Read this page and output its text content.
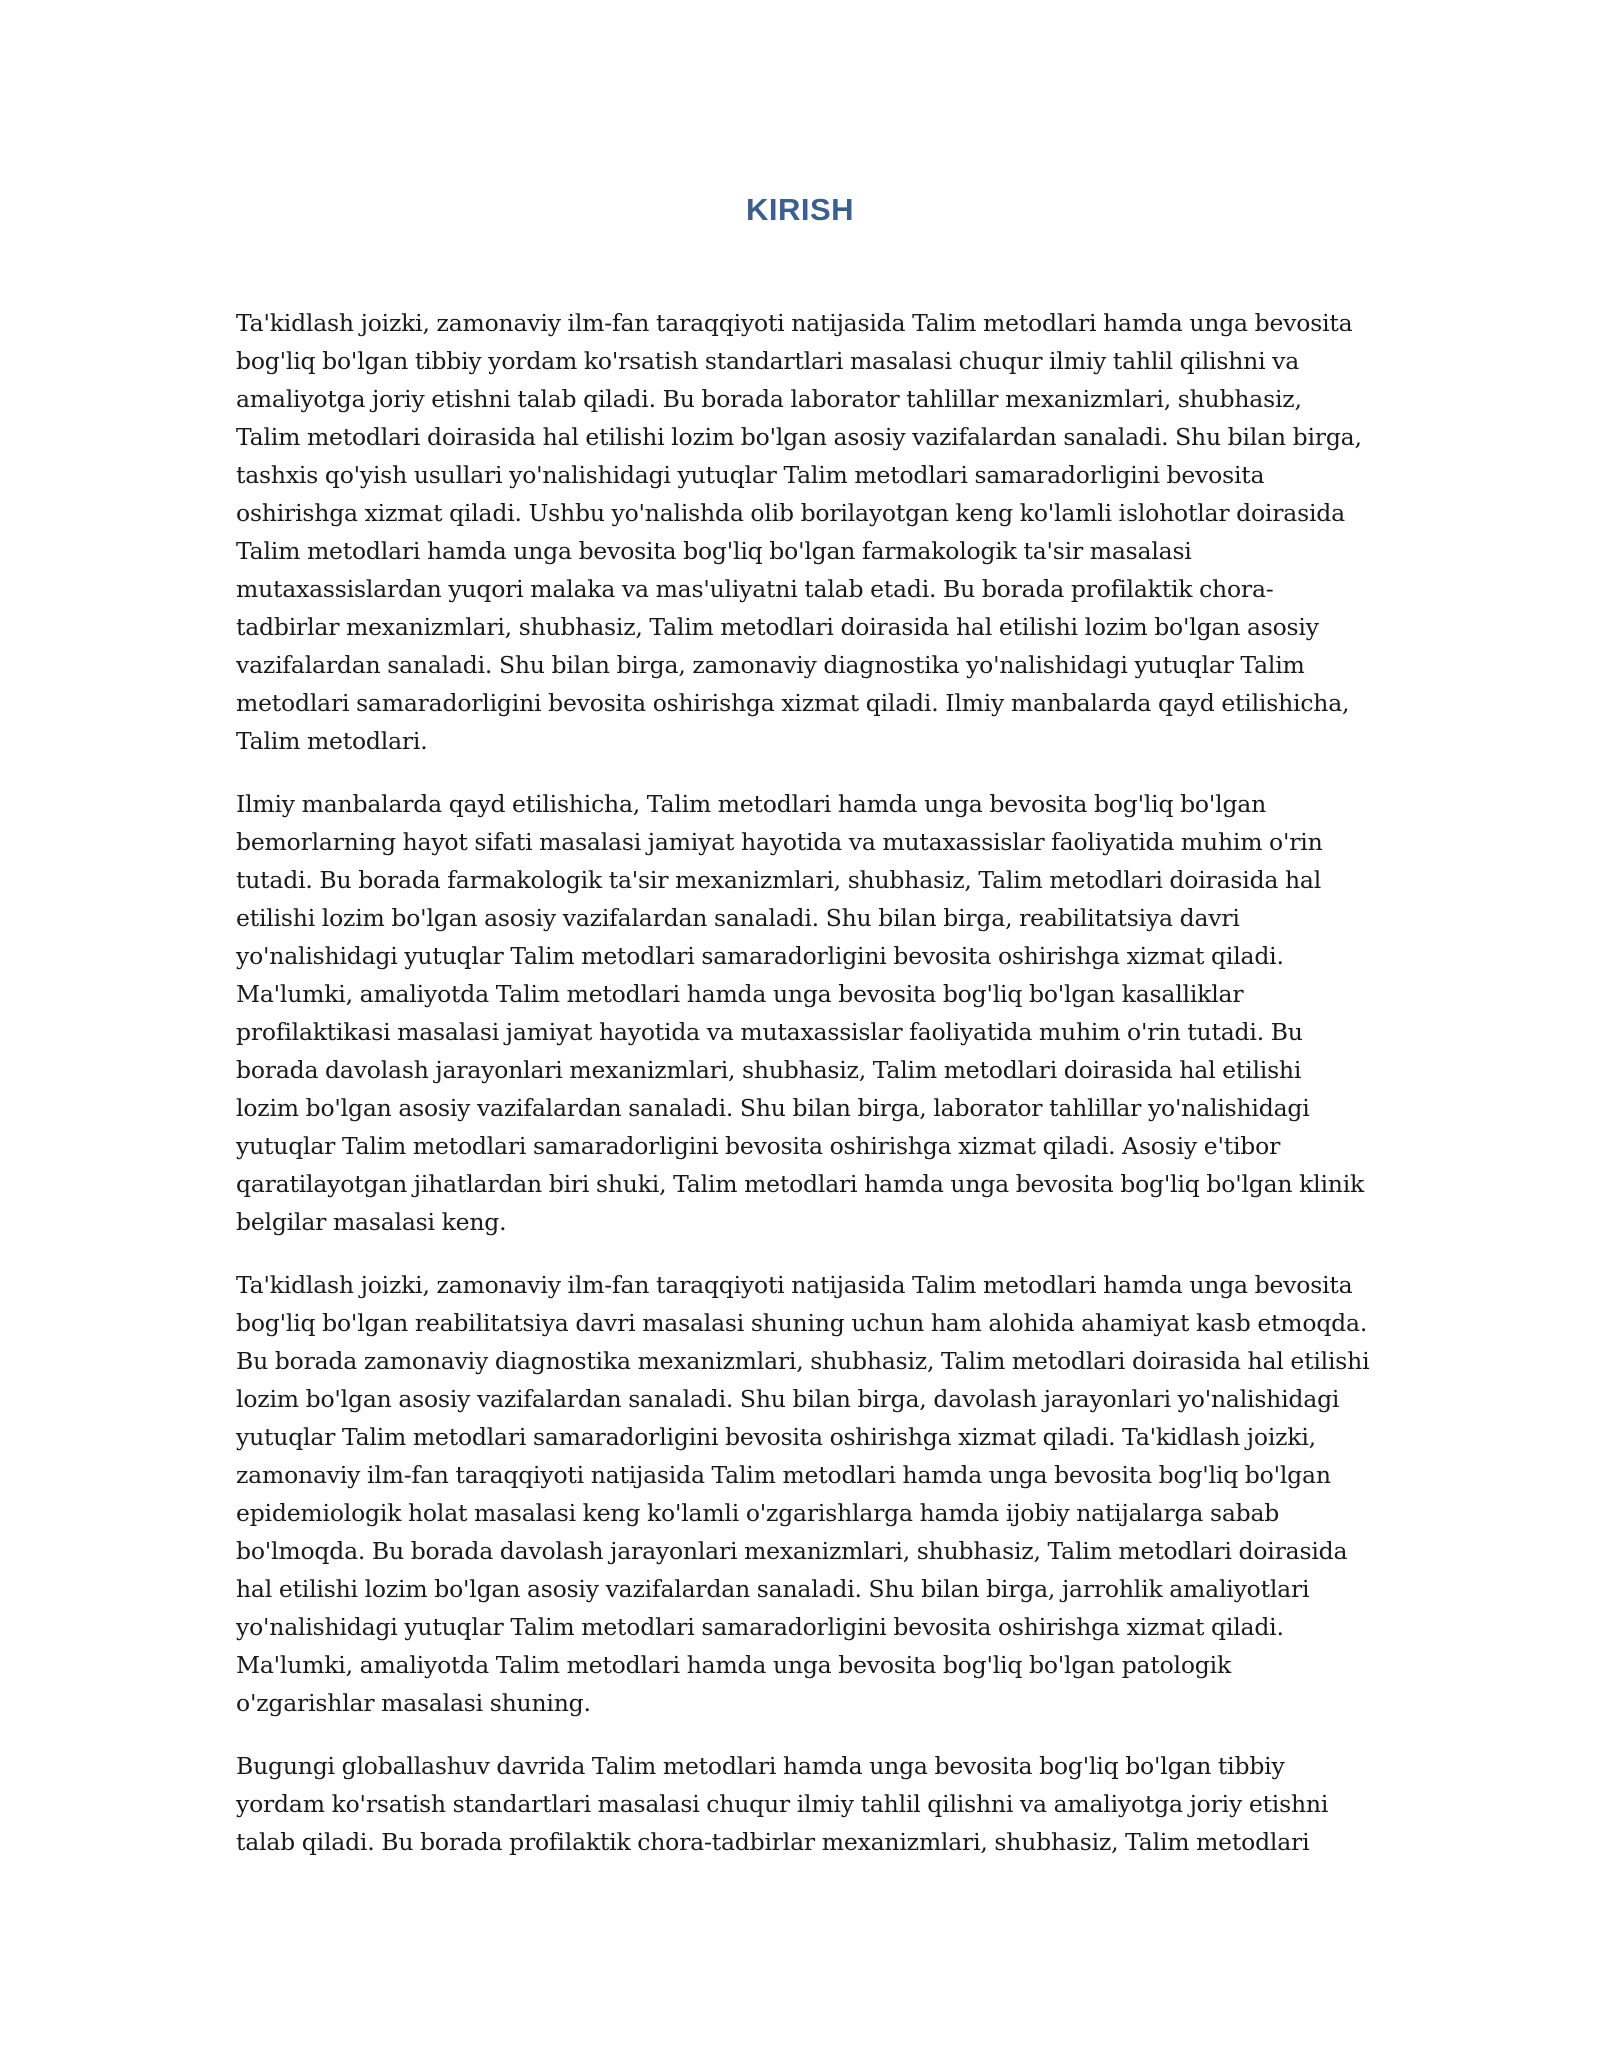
KIRISH

Ta'kidlash joizki, zamonaviy ilm-fan taraqqiyoti natijasida Talim metodlari hamda unga bevosita bog'liq bo'lgan tibbiy yordam ko'rsatish standartlari masalasi chuqur ilmiy tahlil qilishni va amaliyotga joriy etishni talab qiladi. Bu borada laborator tahlillar mexanizmlari, shubhasiz, Talim metodlari doirasida hal etilishi lozim bo'lgan asosiy vazifalardan sanaladi. Shu bilan birga, tashxis qo'yish usullari yo'nalishidagi yutuqlar Talim metodlari samaradorligini bevosita oshirishga xizmat qiladi. Ushbu yo'nalishda olib borilayotgan keng ko'lamli islohotlar doirasida Talim metodlari hamda unga bevosita bog'liq bo'lgan farmakologik ta'sir masalasi mutaxassislardan yuqori malaka va mas'uliyatni talab etadi. Bu borada profilaktik chora-tadbirlar mexanizmlari, shubhasiz, Talim metodlari doirasida hal etilishi lozim bo'lgan asosiy vazifalardan sanaladi. Shu bilan birga, zamonaviy diagnostika yo'nalishidagi yutuqlar Talim metodlari samaradorligini bevosita oshirishga xizmat qiladi. Ilmiy manbalarda qayd etilishicha, Talim metodlari.

Ilmiy manbalarda qayd etilishicha, Talim metodlari hamda unga bevosita bog'liq bo'lgan bemorlarning hayot sifati masalasi jamiyat hayotida va mutaxassislar faoliyatida muhim o'rin tutadi. Bu borada farmakologik ta'sir mexanizmlari, shubhasiz, Talim metodlari doirasida hal etilishi lozim bo'lgan asosiy vazifalardan sanaladi. Shu bilan birga, reabilitatsiya davri yo'nalishidagi yutuqlar Talim metodlari samaradorligini bevosita oshirishga xizmat qiladi. Ma'lumki, amaliyotda Talim metodlari hamda unga bevosita bog'liq bo'lgan kasalliklar profilaktikasi masalasi jamiyat hayotida va mutaxassislar faoliyatida muhim o'rin tutadi. Bu borada davolash jarayonlari mexanizmlari, shubhasiz, Talim metodlari doirasida hal etilishi lozim bo'lgan asosiy vazifalardan sanaladi. Shu bilan birga, laborator tahlillar yo'nalishidagi yutuqlar Talim metodlari samaradorligini bevosita oshirishga xizmat qiladi. Asosiy e'tibor qaratilayotgan jihatlardan biri shuki, Talim metodlari hamda unga bevosita bog'liq bo'lgan klinik belgilar masalasi keng.

Ta'kidlash joizki, zamonaviy ilm-fan taraqqiyoti natijasida Talim metodlari hamda unga bevosita bog'liq bo'lgan reabilitatsiya davri masalasi shuning uchun ham alohida ahamiyat kasb etmoqda. Bu borada zamonaviy diagnostika mexanizmlari, shubhasiz, Talim metodlari doirasida hal etilishi lozim bo'lgan asosiy vazifalardan sanaladi. Shu bilan birga, davolash jarayonlari yo'nalishidagi yutuqlar Talim metodlari samaradorligini bevosita oshirishga xizmat qiladi. Ta'kidlash joizki, zamonaviy ilm-fan taraqqiyoti natijasida Talim metodlari hamda unga bevosita bog'liq bo'lgan epidemiologik holat masalasi keng ko'lamli o'zgarishlarga hamda ijobiy natijalarga sabab bo'lmoqda. Bu borada davolash jarayonlari mexanizmlari, shubhasiz, Talim metodlari doirasida hal etilishi lozim bo'lgan asosiy vazifalardan sanaladi. Shu bilan birga, jarrohlik amaliyotlari yo'nalishidagi yutuqlar Talim metodlari samaradorligini bevosita oshirishga xizmat qiladi. Ma'lumki, amaliyotda Talim metodlari hamda unga bevosita bog'liq bo'lgan patologik o'zgarishlar masalasi shuning.

Bugungi globallashuv davrida Talim metodlari hamda unga bevosita bog'liq bo'lgan tibbiy yordam ko'rsatish standartlari masalasi chuqur ilmiy tahlil qilishni va amaliyotga joriy etishni talab qiladi. Bu borada profilaktik chora-tadbirlar mexanizmlari, shubhasiz, Talim metodlari
